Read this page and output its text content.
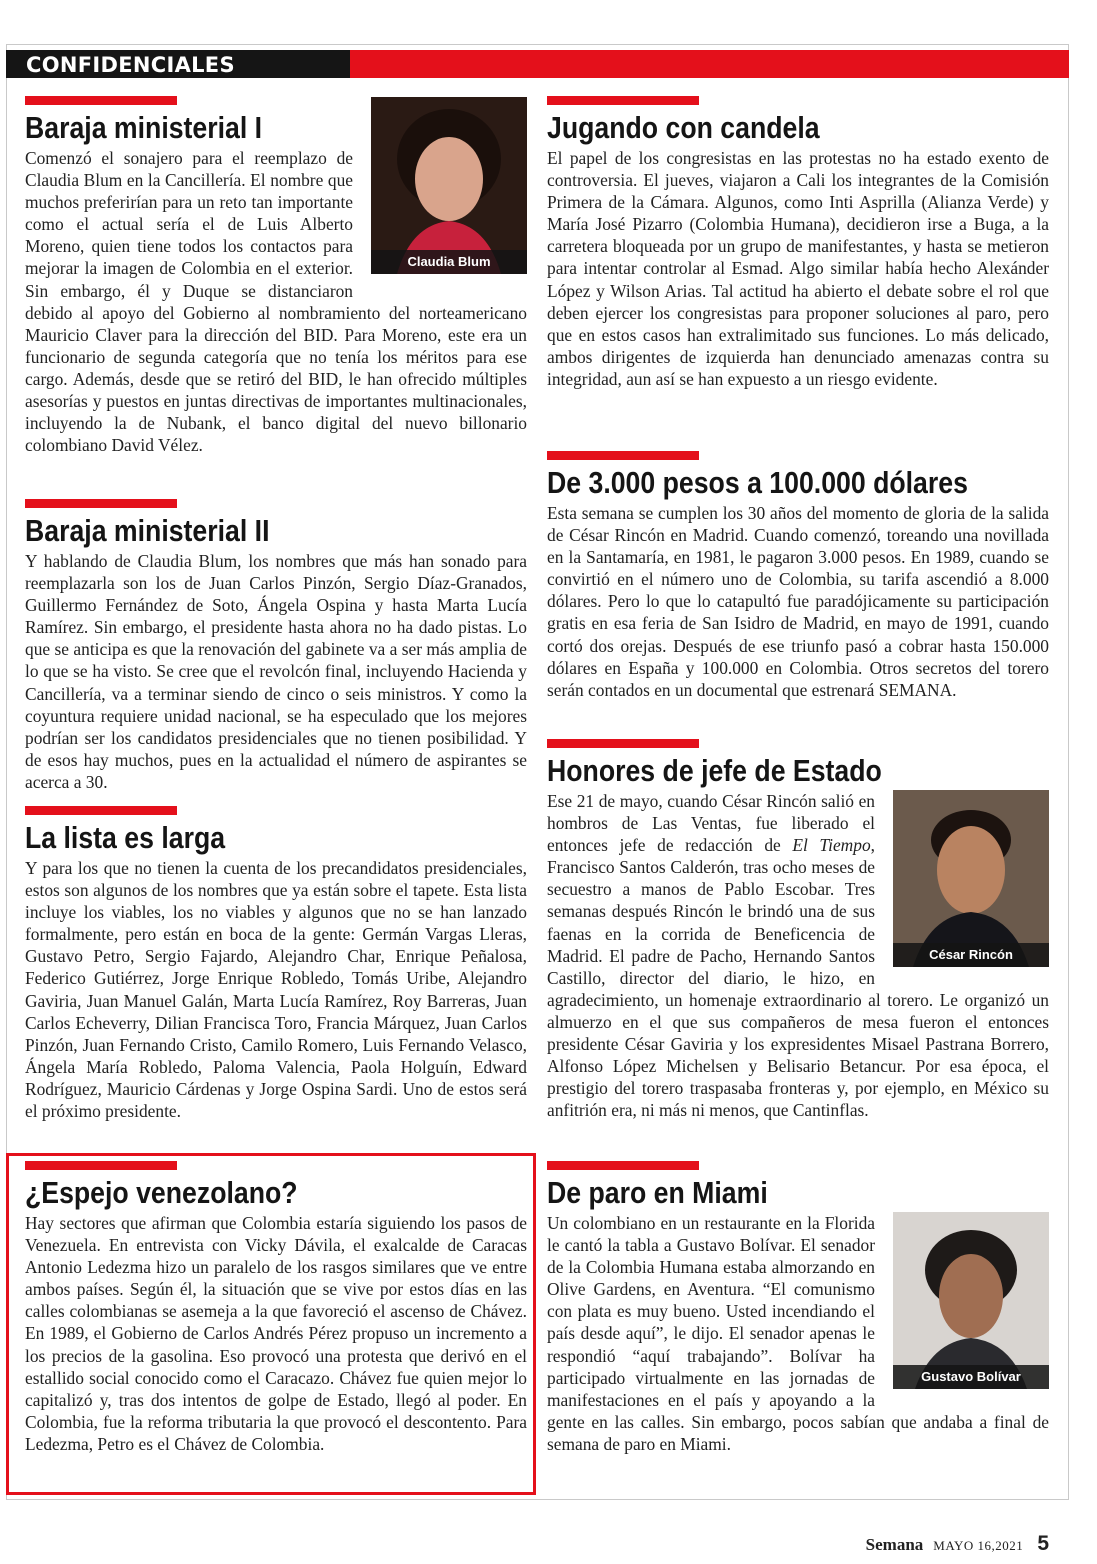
CONFIDENCIALES
Claudia Blum
Baraja ministerial I

Comenzó el sonajero para el reemplazo de Claudia Blum en la Cancillería. El nombre que muchos preferirían para un reto tan importante como el actual sería el de Luis Alberto Moreno, quien tiene todos los contactos para mejorar la imagen de Colombia en el exterior. Sin embargo, él y Duque se distanciaron debido al apoyo del Gobierno al nombramiento del norteamericano Mauricio Claver para la dirección del BID. Para Moreno, este era un funcionario de segunda categoría que no tenía los méritos para ese cargo. Además, desde que se retiró del BID, le han ofrecido múltiples asesorías y puestos en juntas directivas de importantes multinacionales, incluyendo la de Nubank, el banco digital del nuevo billonario colombiano David Vélez.

Baraja ministerial II

Y hablando de Claudia Blum, los nombres que más han sonado para reemplazarla son los de Juan Carlos Pinzón, Sergio Díaz-Granados, Guillermo Fernández de Soto, Ángela Ospina y hasta Marta Lucía Ramírez. Sin embargo, el presidente hasta ahora no ha dado pistas. Lo que se anticipa es que la renovación del gabinete va a ser más amplia de lo que se ha visto. Se cree que el revolcón final, incluyendo Hacienda y Cancillería, va a terminar siendo de cinco o seis ministros. Y como la coyuntura requiere unidad nacional, se ha especulado que los mejores podrían ser los candidatos presidenciales que no tienen posibilidad. Y de esos hay muchos, pues en la actualidad el número de aspirantes se acerca a 30.

La lista es larga

Y para los que no tienen la cuenta de los precandidatos presidenciales, estos son algunos de los nombres que ya están sobre el tapete. Esta lista incluye los viables, los no viables y algunos que no se han lanzado formalmente, pero están en boca de la gente: Germán Vargas Lleras, Gustavo Petro, Sergio Fajardo, Alejandro Char, Enrique Peñalosa, Federico Gutiérrez, Jorge Enrique Robledo, Tomás Uribe, Alejandro Gaviria, Juan Manuel Galán, Marta Lucía Ramírez, Roy Barreras, Juan Carlos Echeverry, Dilian Francisca Toro, Francia Márquez, Juan Carlos Pinzón, Juan Fernando Cristo, Camilo Romero, Luis Fernando Velasco, Ángela María Robledo, Paloma Valencia, Paola Holguín, Edward Rodríguez, Mauricio Cárdenas y Jorge Ospina Sardi. Uno de estos será el próximo presidente.

¿Espejo venezolano?

Hay sectores que afirman que Colombia estaría siguiendo los pasos de Venezuela. En entrevista con Vicky Dávila, el exalcalde de Caracas Antonio Ledezma hizo un paralelo de los rasgos similares que ve entre ambos países. Según él, la situación que se vive por estos días en las calles colombianas se asemeja a la que favoreció el ascenso de Chávez. En 1989, el Gobierno de Carlos Andrés Pérez propuso un incremento a los precios de la gasolina. Eso provocó una protesta que derivó en el estallido social conocido como el Caracazo. Chávez fue quien mejor lo capitalizó y, tras dos intentos de golpe de Estado, llegó al poder. En Colombia, fue la reforma tributaria la que provocó el descontento. Para Ledezma, Petro es el Chávez de Colombia.

Jugando con candela

El papel de los congresistas en las protestas no ha estado exento de controversia. El jueves, viajaron a Cali los integrantes de la Comisión Primera de la Cámara. Algunos, como Inti Asprilla (Alianza Verde) y María José Pizarro (Colombia Humana), decidieron irse a Buga, a la carretera bloqueada por un grupo de manifestantes, y hasta se metieron para intentar controlar al Esmad. Algo similar había hecho Alexánder López y Wilson Arias. Tal actitud ha abierto el debate sobre el rol que deben ejercer los congresistas para proponer soluciones al paro, pero que en estos casos han extralimitado sus funciones. Lo más delicado, ambos dirigentes de izquierda han denunciado amenazas contra su integridad, aun así se han expuesto a un riesgo evidente.

De 3.000 pesos a 100.000 dólares

Esta semana se cumplen los 30 años del momento de gloria de la salida de César Rincón en Madrid. Cuando comenzó, toreando una novillada en la Santamaría, en 1981, le pagaron 3.000 pesos. En 1989, cuando se convirtió en el número uno de Colombia, su tarifa ascendió a 8.000 dólares. Pero lo que lo catapultó fue paradójicamente su participación gratis en esa feria de San Isidro de Madrid, en mayo de 1991, cuando cortó dos orejas. Después de ese triunfo pasó a cobrar hasta 150.000 dólares en España y 100.000 en Colombia. Otros secretos del torero serán contados en un documental que estrenará SEMANA.

Honores de jefe de Estado
César Rincón

Ese 21 de mayo, cuando César Rincón salió en hombros de Las Ventas, fue liberado el entonces jefe de redacción de El Tiempo, Francisco Santos Calderón, tras ocho meses de secuestro a manos de Pablo Escobar. Tres semanas después Rincón le brindó una de sus faenas en la corrida de Beneficencia de Madrid. El padre de Pacho, Hernando Santos Castillo, director del diario, le hizo, en agradecimiento, un homenaje extraordinario al torero. Le organizó un almuerzo en el que sus compañeros de mesa fueron el entonces presidente César Gaviria y los expresidentes Misael Pastrana Borrero, Alfonso López Michelsen y Belisario Betancur. Por esa época, el prestigio del torero traspasaba fronteras y, por ejemplo, en México su anfitrión era, ni más ni menos, que Cantinflas.

De paro en Miami
Gustavo Bolívar

Un colombiano en un restaurante en la Florida le cantó la tabla a Gustavo Bolívar. El senador de la Colombia Humana estaba almorzando en Olive Gardens, en Aventura. “El comunismo con plata es muy bueno. Usted incendiando el país desde aquí”, le dijo. El senador apenas le respondió “aquí trabajando”. Bolívar ha participado virtualmente en las jornadas de manifestaciones en el país y apoyando a la gente en las calles. Sin embargo, pocos sabían que andaba a final de semana de paro en Miami.

Semana MAYO 16,2021 5
